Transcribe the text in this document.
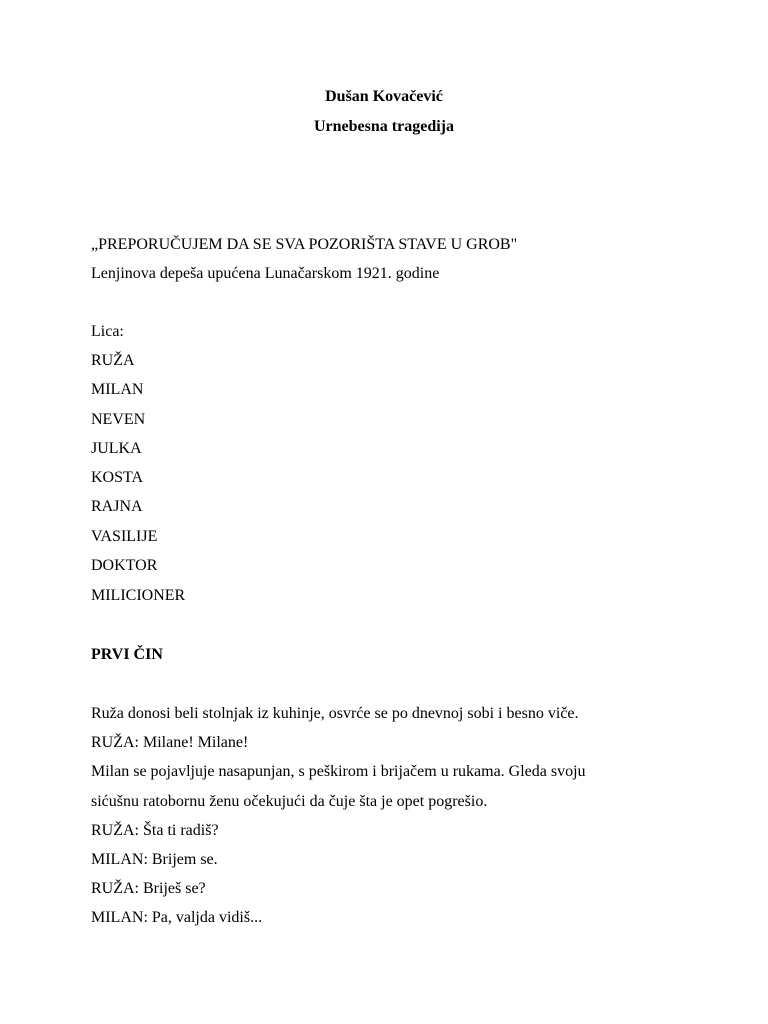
Dušan Kovačević
Urnebesna tragedija
„PREPORUČUJEM DA SE SVA POZORIŠTA STAVE U GROB"
Lenjinova depeša upućena Lunačarskom 1921. godine
Lica:
RUŽA
MILAN
NEVEN
JULKA
KOSTA
RAJNA
VASILIJE
DOKTOR
MILICIONER
PRVI ČIN
Ruža donosi beli stolnjak iz kuhinje, osvrće se po dnevnoj sobi i besno viče.
RUŽA: Milane! Milane!
Milan se pojavljuje nasapunjan, s peškirom i brijačem u rukama. Gleda svoju
sićušnu ratobornu ženu očekujući da čuje šta je opet pogrešio.
RUŽA: Šta ti radiš?
MILAN: Brijem se.
RUŽA: Briješ se?
MILAN: Pa, valjda vidiš...
